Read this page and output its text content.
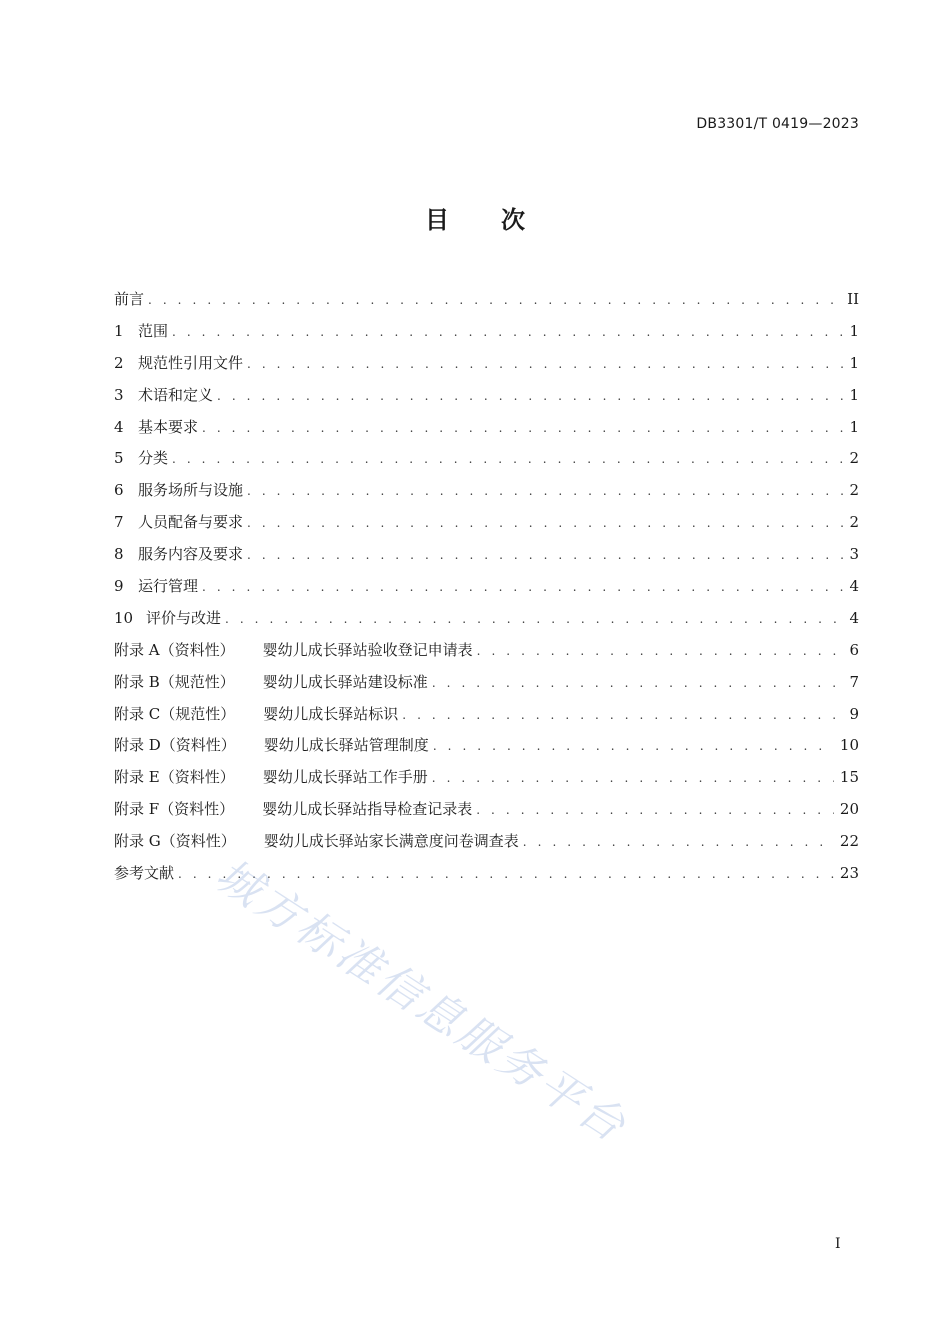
DB3301/T 0419—2023
目次
前言 . . .	II
1 范围 . . .	1
2 规范性引用文件 . . .	1
3 术语和定义 . . .	1
4 基本要求 . . .	1
5 分类 . . .	2
6 服务场所与设施 . . .	2
7 人员配备与要求 . . .	2
8 服务内容及要求 . . .	3
9 运行管理 . . .	4
10 评价与改进 . . .	4
附录 A（资料性） 婴幼儿成长驿站验收登记申请表 . . .	6
附录 B（规范性） 婴幼儿成长驿站建设标准 . . .	7
附录 C（规范性） 婴幼儿成长驿站标识 . . .	9
附录 D（资料性） 婴幼儿成长驿站管理制度 . . .	10
附录 E（资料性） 婴幼儿成长驿站工作手册 . . .	15
附录 F（资料性） 婴幼儿成长驿站指导检查记录表 . . .	20
附录 G（资料性） 婴幼儿成长驿站家长满意度问卷调查表 . . .	22
参考文献 . . .	23
I
城方标准信息服务平台
